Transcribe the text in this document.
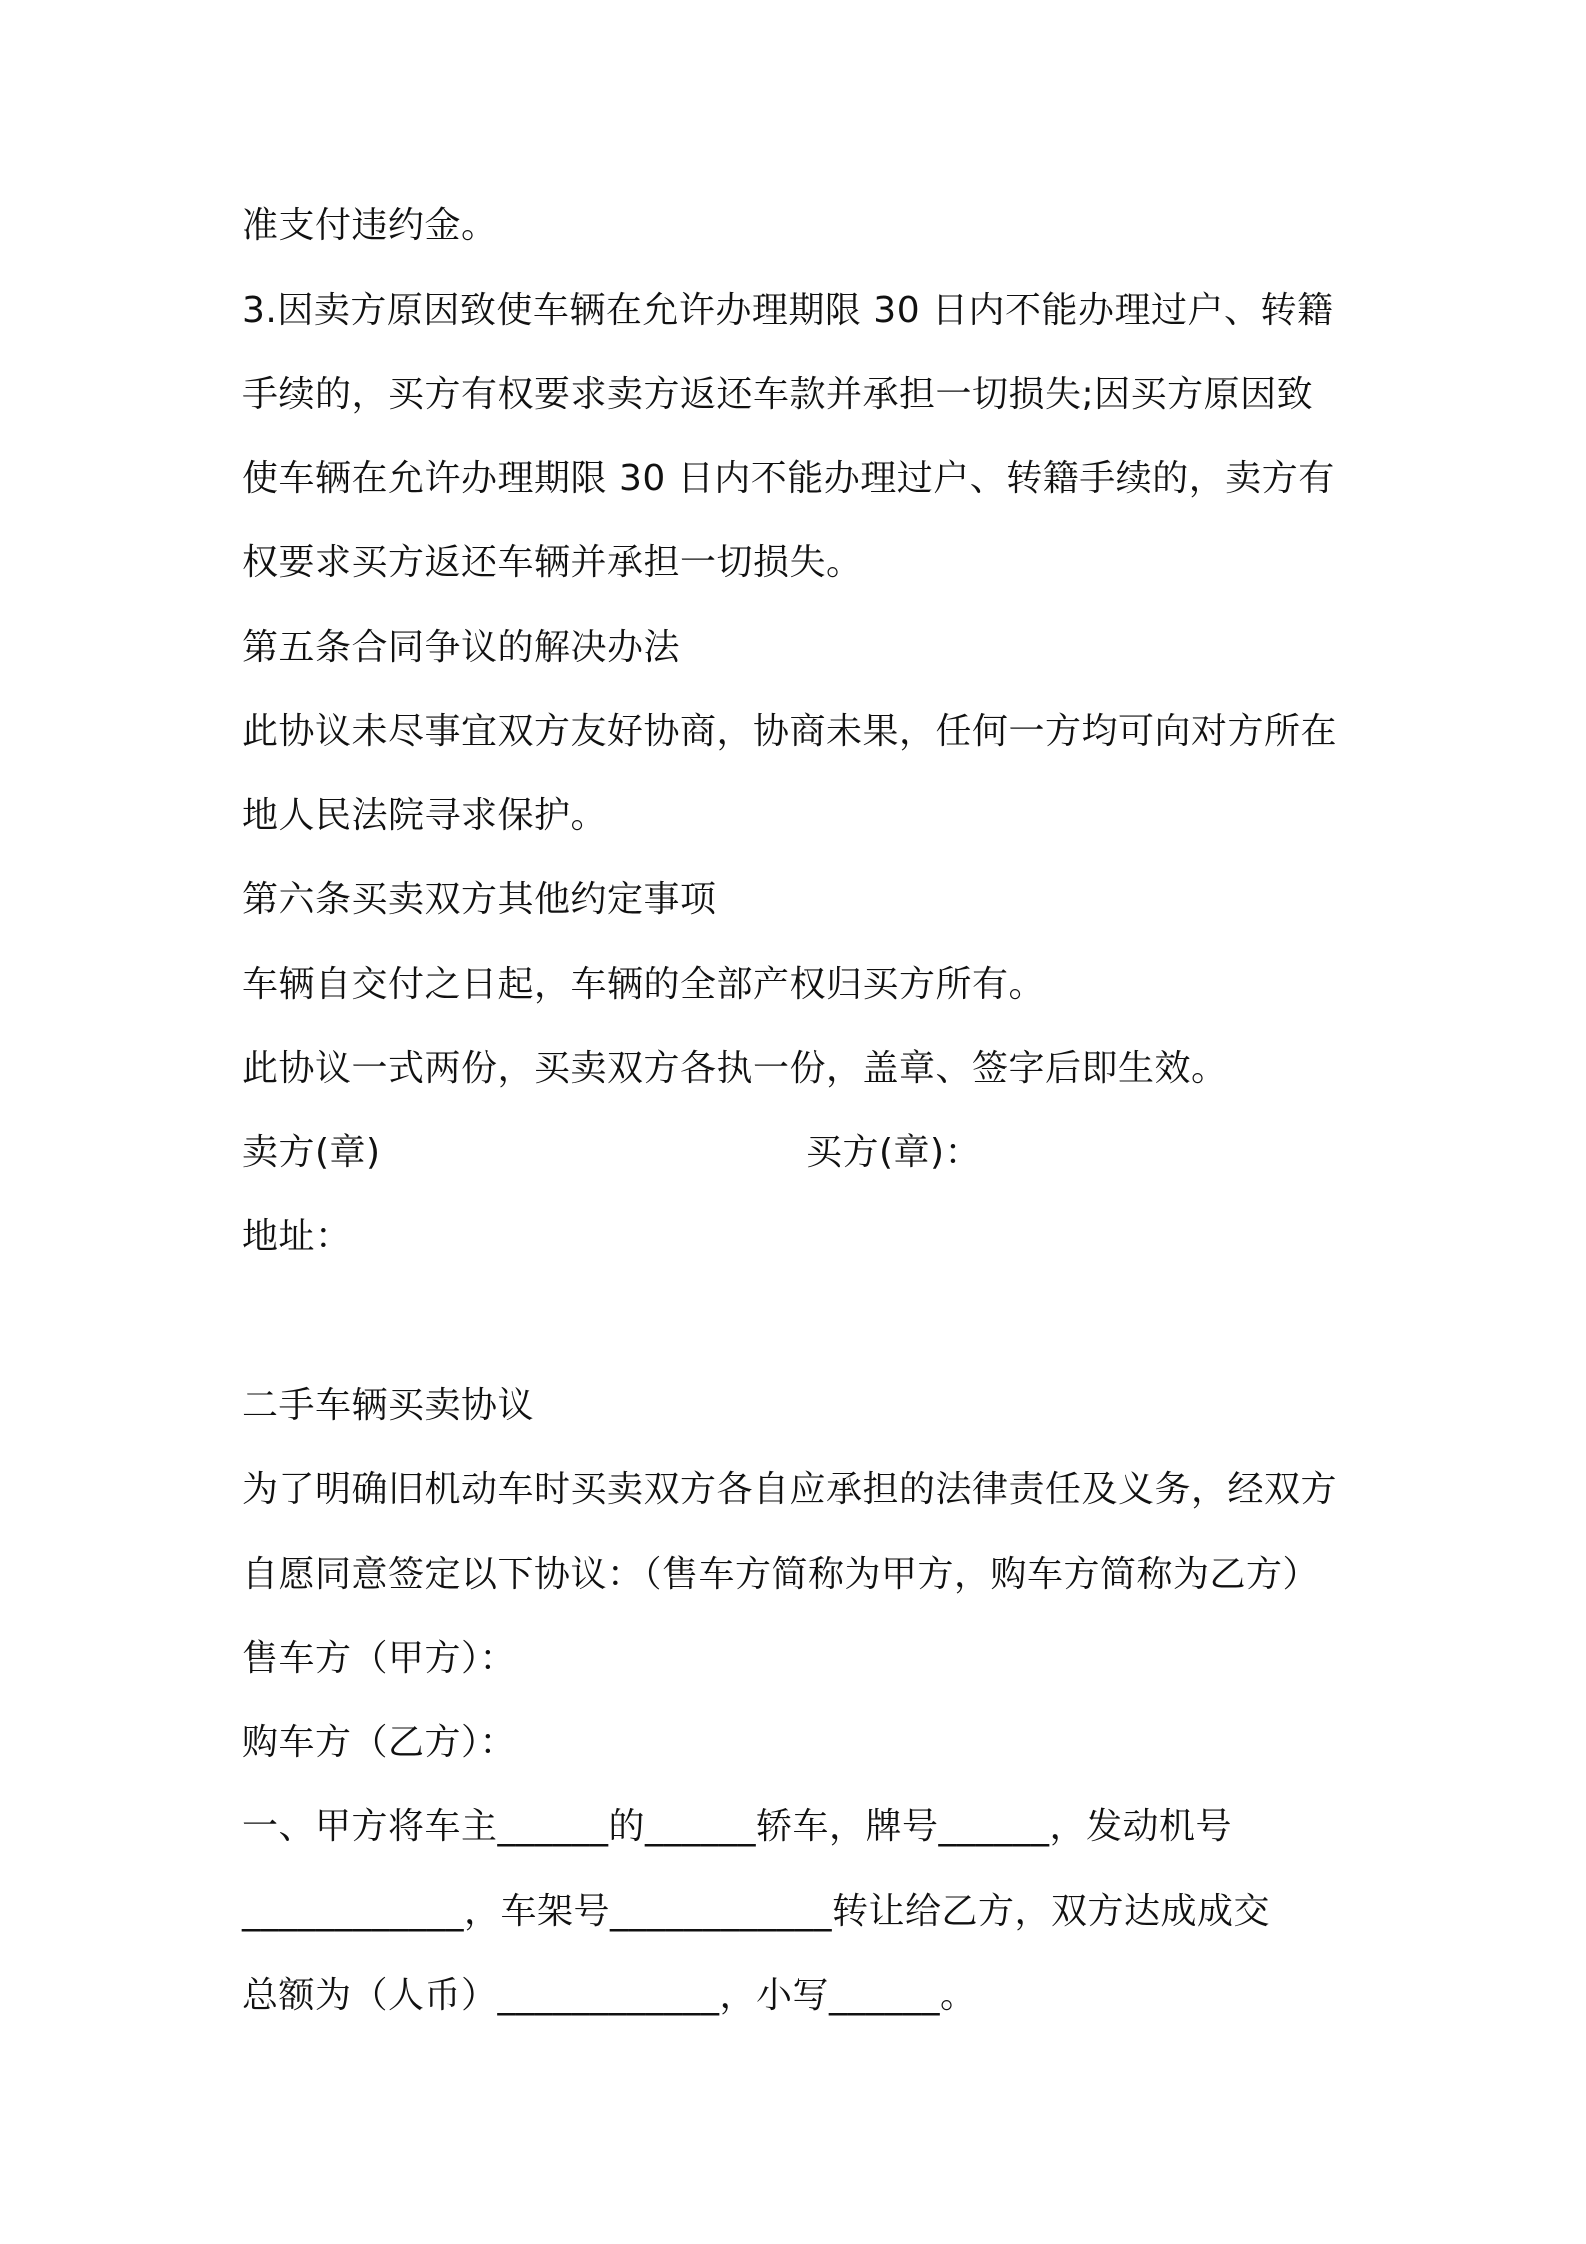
准支付违约金。
3.因卖方原因致使车辆在允许办理期限 30 日内不能办理过户、转籍
手续的，买方有权要求卖方返还车款并承担一切损失;因买方原因致
使车辆在允许办理期限 30 日内不能办理过户、转籍手续的，卖方有
权要求买方返还车辆并承担一切损失。
第五条合同争议的解决办法
此协议未尽事宜双方友好协商，协商未果，任何一方均可向对方所在
地人民法院寻求保护。
第六条买卖双方其他约定事项
车辆自交付之日起，车辆的全部产权归买方所有。
此协议一式两份，买卖双方各执一份，盖章、签字后即生效。
卖方(章)	买方(章)：
地址：
二手车辆买卖协议
为了明确旧机动车时买卖双方各自应承担的法律责任及义务，经双方
自愿同意签定以下协议：（售车方简称为甲方，购车方简称为乙方）
售车方（甲方）：
购车方（乙方）：
一、甲方将车主______的______轿车，牌号______，发动机号
____________，车架号____________转让给乙方，双方达成成交
总额为（人币）____________，小写______。
